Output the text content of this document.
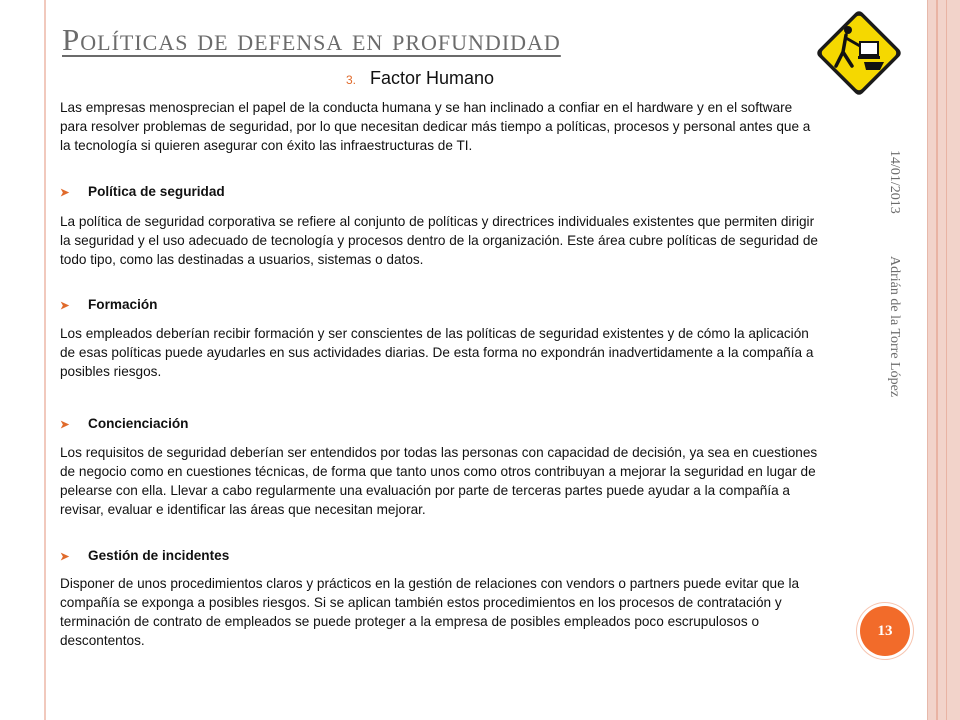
Políticas de defensa en profundidad
3. Factor Humano

Las empresas menosprecian el papel de la conducta humana y se han inclinado a confiar en el hardware y en el software para resolver problemas de seguridad, por lo que necesitan dedicar más tiempo a políticas, procesos y personal antes que a la tecnología si quieren asegurar con éxito las infraestructuras de TI.

➤ Política de seguridad

La política de seguridad corporativa se refiere al conjunto de políticas y directrices individuales existentes que permiten dirigir la seguridad y el uso adecuado de tecnología y procesos dentro de la organización. Este área cubre políticas de seguridad de todo tipo, como las destinadas a usuarios, sistemas o datos.

➤ Formación

Los empleados deberían recibir formación y ser conscientes de las políticas de seguridad existentes y de cómo la aplicación de esas políticas puede ayudarles en sus actividades diarias. De esta forma no expondrán inadvertidamente a la compañía a posibles riesgos.

➤ Concienciación

Los requisitos de seguridad deberían ser entendidos por todas las personas con capacidad de decisión, ya sea en cuestiones de negocio como en cuestiones técnicas, de forma que tanto unos como otros contribuyan a mejorar la seguridad en lugar de pelearse con ella. Llevar a cabo regularmente una evaluación por parte de terceras partes puede ayudar a la compañía a revisar, evaluar e identificar las áreas que necesitan mejorar.

➤ Gestión de incidentes

Disponer de unos procedimientos claros y prácticos en la gestión de relaciones con vendors o partners puede evitar que la compañía se exponga a posibles riesgos. Si se aplican también estos procedimientos en los procesos de contratación y terminación de contrato de empleados se puede proteger a la empresa de posibles empleados poco escrupulosos o descontentos.

14/01/2013
Adrián de la Torre López
13
